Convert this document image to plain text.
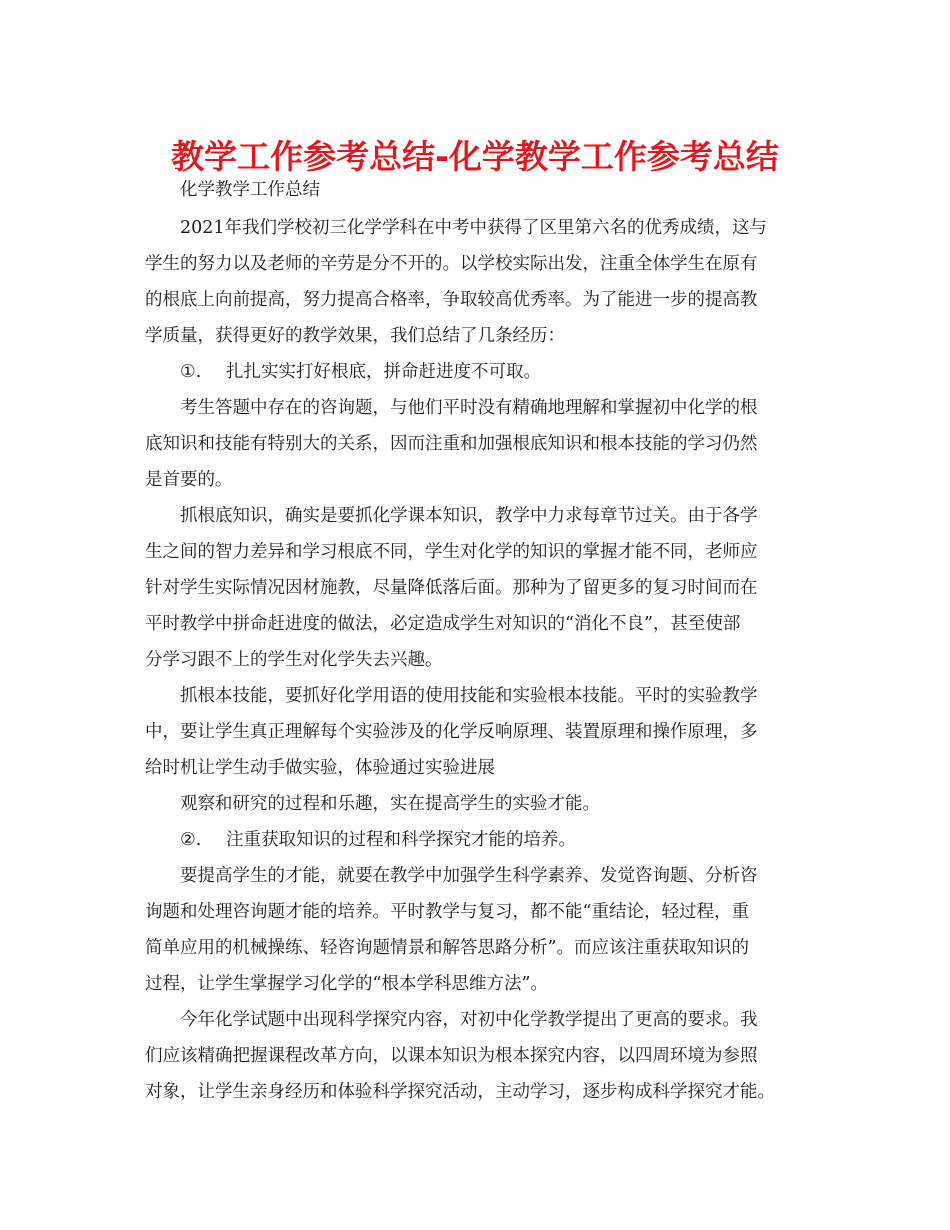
教学工作参考总结-化学教学工作参考总结
化学教学工作总结
2021年我们学校初三化学学科在中考中获得了区里第六名的优秀成绩，这与
学生的努力以及老师的辛劳是分不开的。以学校实际出发，注重全体学生在原有
的根底上向前提高，努力提高合格率，争取较高优秀率。为了能进一步的提高教
学质量，获得更好的教学效果，我们总结了几条经历：
①. 扎扎实实打好根底，拼命赶进度不可取。
考生答题中存在的咨询题，与他们平时没有精确地理解和掌握初中化学的根
底知识和技能有特别大的关系，因而注重和加强根底知识和根本技能的学习仍然
是首要的。
抓根底知识，确实是要抓化学课本知识，教学中力求每章节过关。由于各学
生之间的智力差异和学习根底不同，学生对化学的知识的掌握才能不同，老师应
针对学生实际情况因材施教，尽量降低落后面。那种为了留更多的复习时间而在
平时教学中拼命赶进度的做法，必定造成学生对知识的“消化不良”，甚至使部
分学习跟不上的学生对化学失去兴趣。
抓根本技能，要抓好化学用语的使用技能和实验根本技能。平时的实验教学
中，要让学生真正理解每个实验涉及的化学反响原理、装置原理和操作原理，多
给时机让学生动手做实验，体验通过实验进展
观察和研究的过程和乐趣，实在提高学生的实验才能。
②. 注重获取知识的过程和科学探究才能的培养。
要提高学生的才能，就要在教学中加强学生科学素养、发觉咨询题、分析咨
询题和处理咨询题才能的培养。平时教学与复习，都不能“重结论，轻过程，重
简单应用的机械操练、轻咨询题情景和解答思路分析”。而应该注重获取知识的
过程，让学生掌握学习化学的“根本学科思维方法”。
今年化学试题中出现科学探究内容，对初中化学教学提出了更高的要求。我
们应该精确把握课程改革方向，以课本知识为根本探究内容，以四周环境为参照
对象，让学生亲身经历和体验科学探究活动，主动学习，逐步构成科学探究才能。
